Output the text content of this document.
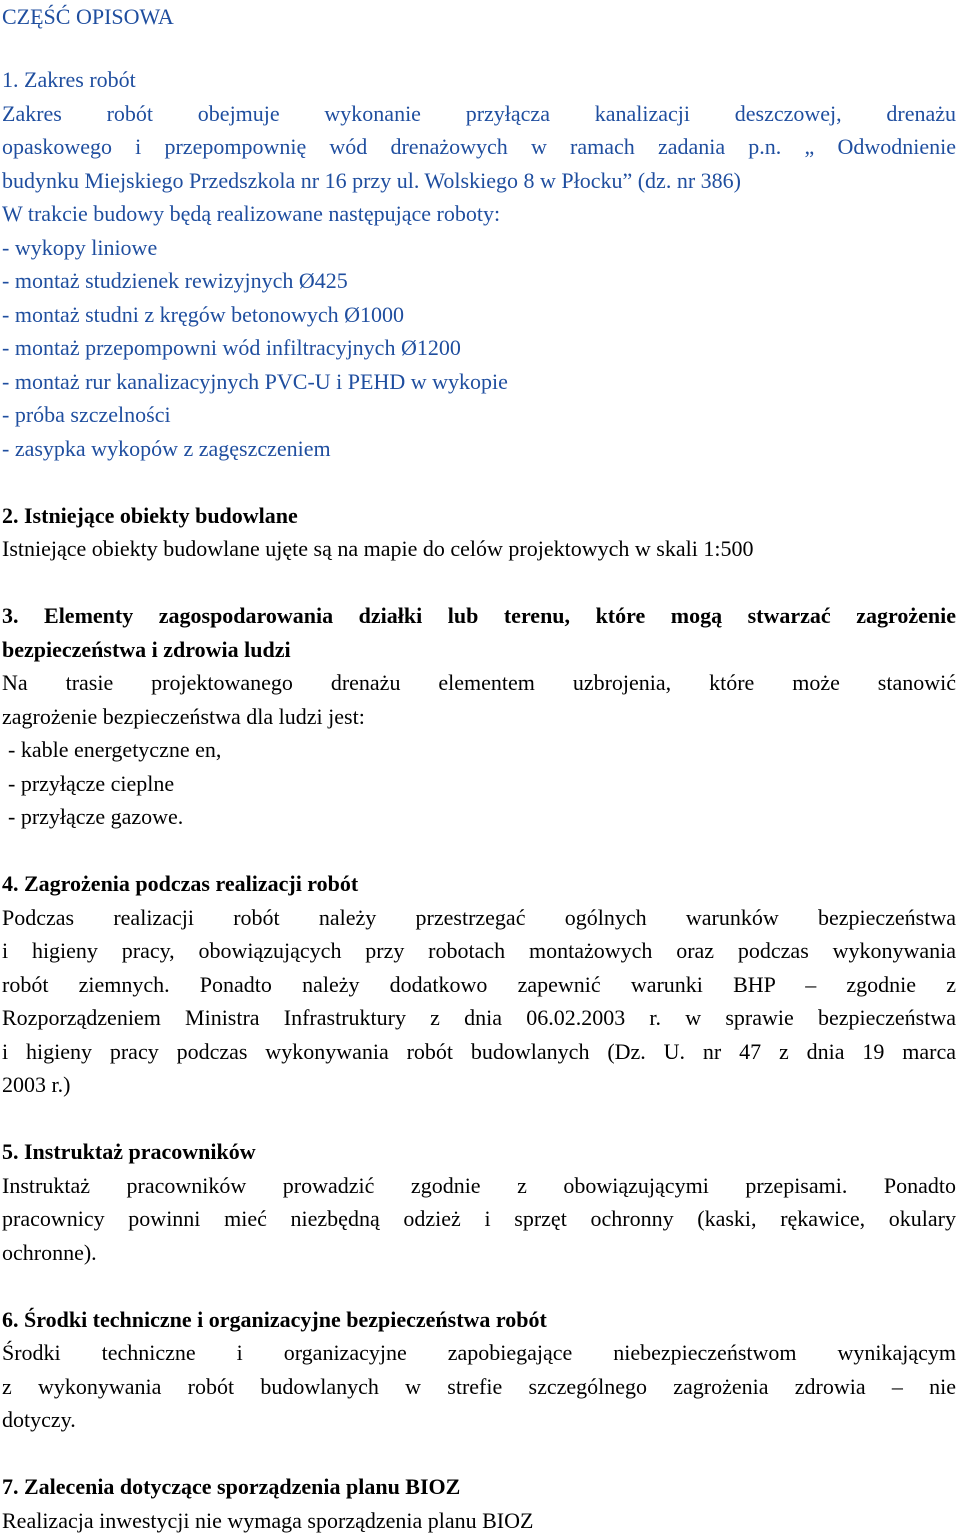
CZĘŚĆ OPISOWA
1. Zakres robót
Zakres robót obejmuje wykonanie przyłącza kanalizacji deszczowej, drenażu
opaskowego i przepompownię wód drenażowych w ramach zadania p.n. „ Odwodnienie
budynku Miejskiego Przedszkola nr 16 przy ul. Wolskiego 8 w Płocku” (dz. nr 386)
W trakcie budowy będą realizowane następujące roboty:
- wykopy liniowe
- montaż studzienek rewizyjnych Ø425
- montaż studni z kręgów betonowych Ø1000
- montaż przepompowni wód infiltracyjnych Ø1200
- montaż rur kanalizacyjnych PVC-U i PEHD w wykopie
- próba szczelności
- zasypka wykopów z zagęszczeniem
2. Istniejące obiekty budowlane
Istniejące obiekty budowlane ujęte są na mapie do celów projektowych w skali 1:500
3. Elementy zagospodarowania działki lub terenu, które mogą stwarzać zagrożenie
bezpieczeństwa i zdrowia ludzi
Na trasie projektowanego drenażu elementem uzbrojenia, które może stanowić
zagrożenie bezpieczeństwa dla ludzi jest:
- kable energetyczne en,
- przyłącze cieplne
- przyłącze gazowe.
4. Zagrożenia podczas realizacji robót
Podczas realizacji robót należy przestrzegać ogólnych warunków bezpieczeństwa
i higieny pracy, obowiązujących przy robotach montażowych oraz podczas wykonywania
robót ziemnych. Ponadto należy dodatkowo zapewnić warunki BHP – zgodnie z
Rozporządzeniem Ministra Infrastruktury z dnia 06.02.2003 r. w sprawie bezpieczeństwa
i higieny pracy podczas wykonywania robót budowlanych (Dz. U. nr 47 z dnia 19 marca
2003 r.)
5. Instruktaż pracowników
Instruktaż pracowników prowadzić zgodnie z obowiązującymi przepisami. Ponadto
pracownicy powinni mieć niezbędną odzież i sprzęt ochronny (kaski, rękawice, okulary
ochronne).
6. Środki techniczne i organizacyjne bezpieczeństwa robót
Środki techniczne i organizacyjne zapobiegające niebezpieczeństwom wynikającym
z wykonywania robót budowlanych w strefie szczególnego zagrożenia zdrowia – nie
dotyczy.
7. Zalecenia dotyczące sporządzenia planu BIOZ
Realizacja inwestycji nie wymaga sporządzenia planu BIOZ
